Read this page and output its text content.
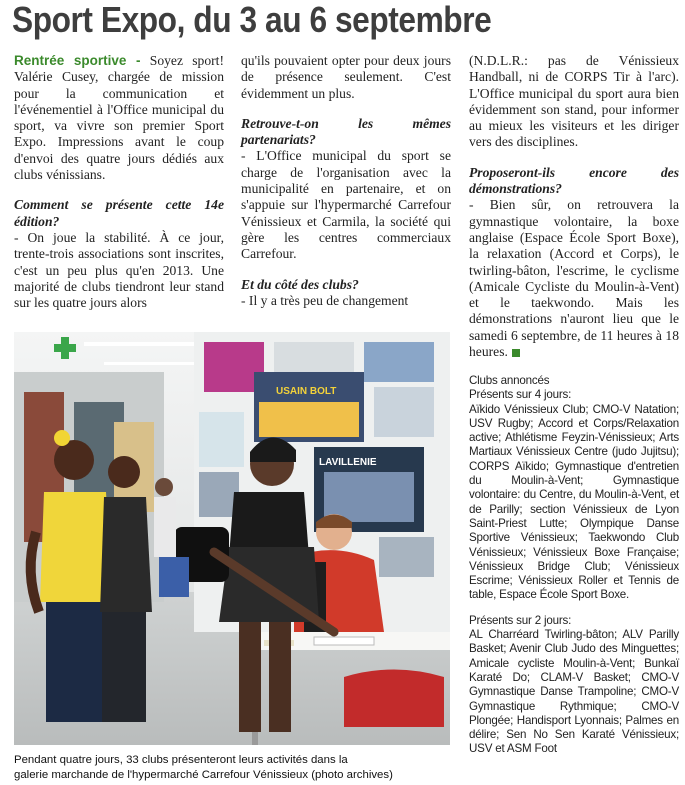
Sport Expo, du 3 au 6 septembre

Rentrée sportive - Soyez sport! Valérie Cusey, chargée de mission pour la communication et l'événementiel à l'Office municipal du sport, va vivre son premier Sport Expo. Impressions avant le coup d'envoi des quatre jours dédiés aux clubs vénissians.

Comment se présente cette 14e édition?

- On joue la stabilité. À ce jour, trente-trois associations sont inscrites, c'est un peu plus qu'en 2013. Une majorité de clubs tiendront leur stand sur les quatre jours alors

qu'ils pouvaient opter pour deux jours de présence seulement. C'est évidemment un plus.

Retrouve-t-on les mêmes partenariats?

- L'Office municipal du sport se charge de l'organisation avec la municipalité en partenaire, et on s'appuie sur l'hypermarché Carrefour Vénissieux et Carmila, la société qui gère les centres commerciaux Carrefour.

Et du côté des clubs?

- Il y a très peu de changement

(N.D.L.R.: pas de Vénissieux Handball, ni de CORPS Tir à l'arc). L'Office municipal du sport aura bien évidemment son stand, pour informer au mieux les visiteurs et les diriger vers des disciplines.

Proposeront-ils encore des démonstrations?

- Bien sûr, on retrouvera la gymnastique volontaire, la boxe anglaise (Espace École Sport Boxe), la relaxation (Accord et Corps), le twirling-bâton, l'escrime, le cyclisme (Amicale Cycliste du Moulin-à-Vent) et le taekwondo. Mais les démonstrations n'auront lieu que le samedi 6 septembre, de 11 heures à 18 heures.

Clubs annoncés

Présents sur 4 jours:

Aïkido Vénissieux Club; CMO-V Natation; USV Rugby; Accord et Corps/Relaxation active; Athlétisme Feyzin-Vénissieux; Arts Martiaux Vénissieux Centre (judo Jujitsu); CORPS Aïkido; Gymnastique d'entretien du Moulin-à-Vent; Gymnastique volontaire: du Centre, du Moulin-à-Vent, et de Parilly; section Vénissieux de Lyon Saint-Priest Lutte; Olympique Danse Sportive Vénissieux; Taekwondo Club Vénissieux; Vénissieux Boxe Française; Vénissieux Bridge Club; Vénissieux Escrime; Vénissieux Roller et Tennis de table, Espace École Sport Boxe.

Présents sur 2 jours:

AL Charréard Twirling-bâton; ALV Parilly Basket; Avenir Club Judo des Minguettes; Amicale cycliste Moulin-à-Vent; Bunkaï Karaté Do; CLAM-V Basket; CMO-V Gymnastique Danse Trampoline; CMO-V Gymnastique Rythmique; CMO-V Plongée; Handisport Lyonnais; Palmes en délire; Sen No Sen Karaté Vénissieux; USV et ASM Foot

USAIN BOLT
LAVILLENIE

Pendant quatre jours, 33 clubs présenteront leurs activités dans la

galerie marchande de l'hypermarché Carrefour Vénissieux (photo archives)
